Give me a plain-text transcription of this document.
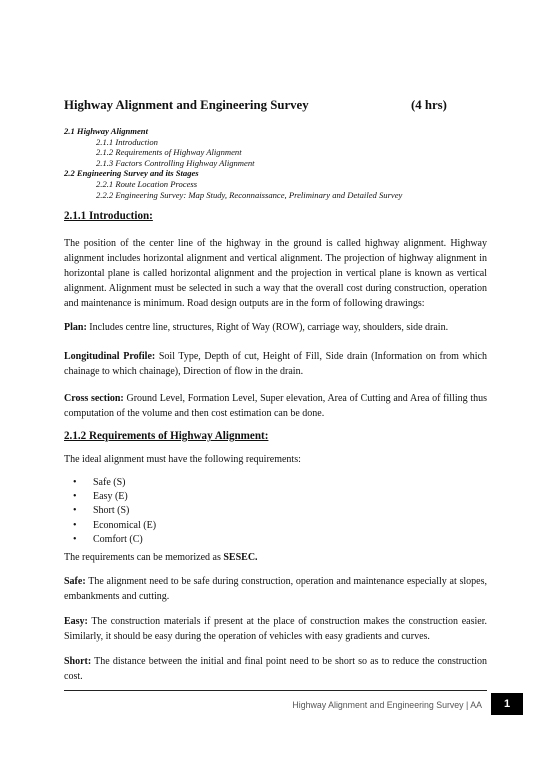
Highway Alignment and Engineering Survey	(4 hrs)
2.1 Highway Alignment
2.1.1 Introduction
2.1.2 Requirements of Highway Alignment
2.1.3 Factors Controlling Highway Alignment
2.2 Engineering Survey and its Stages
2.2.1 Route Location Process
2.2.2 Engineering Survey: Map Study, Reconnaissance, Preliminary and Detailed Survey
2.1.1 Introduction:
The position of the center line of the highway in the ground is called highway alignment. Highway alignment includes horizontal alignment and vertical alignment. The projection of highway alignment in horizontal plane is called horizontal alignment and the projection in vertical plane is known as vertical alignment. Alignment must be selected in such a way that the overall cost during construction, operation and maintenance is minimum. Road design outputs are in the form of following drawings:
Plan: Includes centre line, structures, Right of Way (ROW), carriage way, shoulders, side drain.
Longitudinal Profile: Soil Type, Depth of cut, Height of Fill, Side drain (Information on from which chainage to which chainage), Direction of flow in the drain.
Cross section: Ground Level, Formation Level, Super elevation, Area of Cutting and Area of filling thus computation of the volume and then cost estimation can be done.
2.1.2 Requirements of Highway Alignment:
The ideal alignment must have the following requirements:
• Safe (S)
• Easy (E)
• Short (S)
• Economical (E)
• Comfort (C)
The requirements can be memorized as SESEC.
Safe: The alignment need to be safe during construction, operation and maintenance especially at slopes, embankments and cutting.
Easy: The construction materials if present at the place of construction makes the construction easier. Similarly, it should be easy during the operation of vehicles with easy gradients and curves.
Short: The distance between the initial and final point need to be short so as to reduce the construction cost.
Highway Alignment and Engineering Survey | AA	1
